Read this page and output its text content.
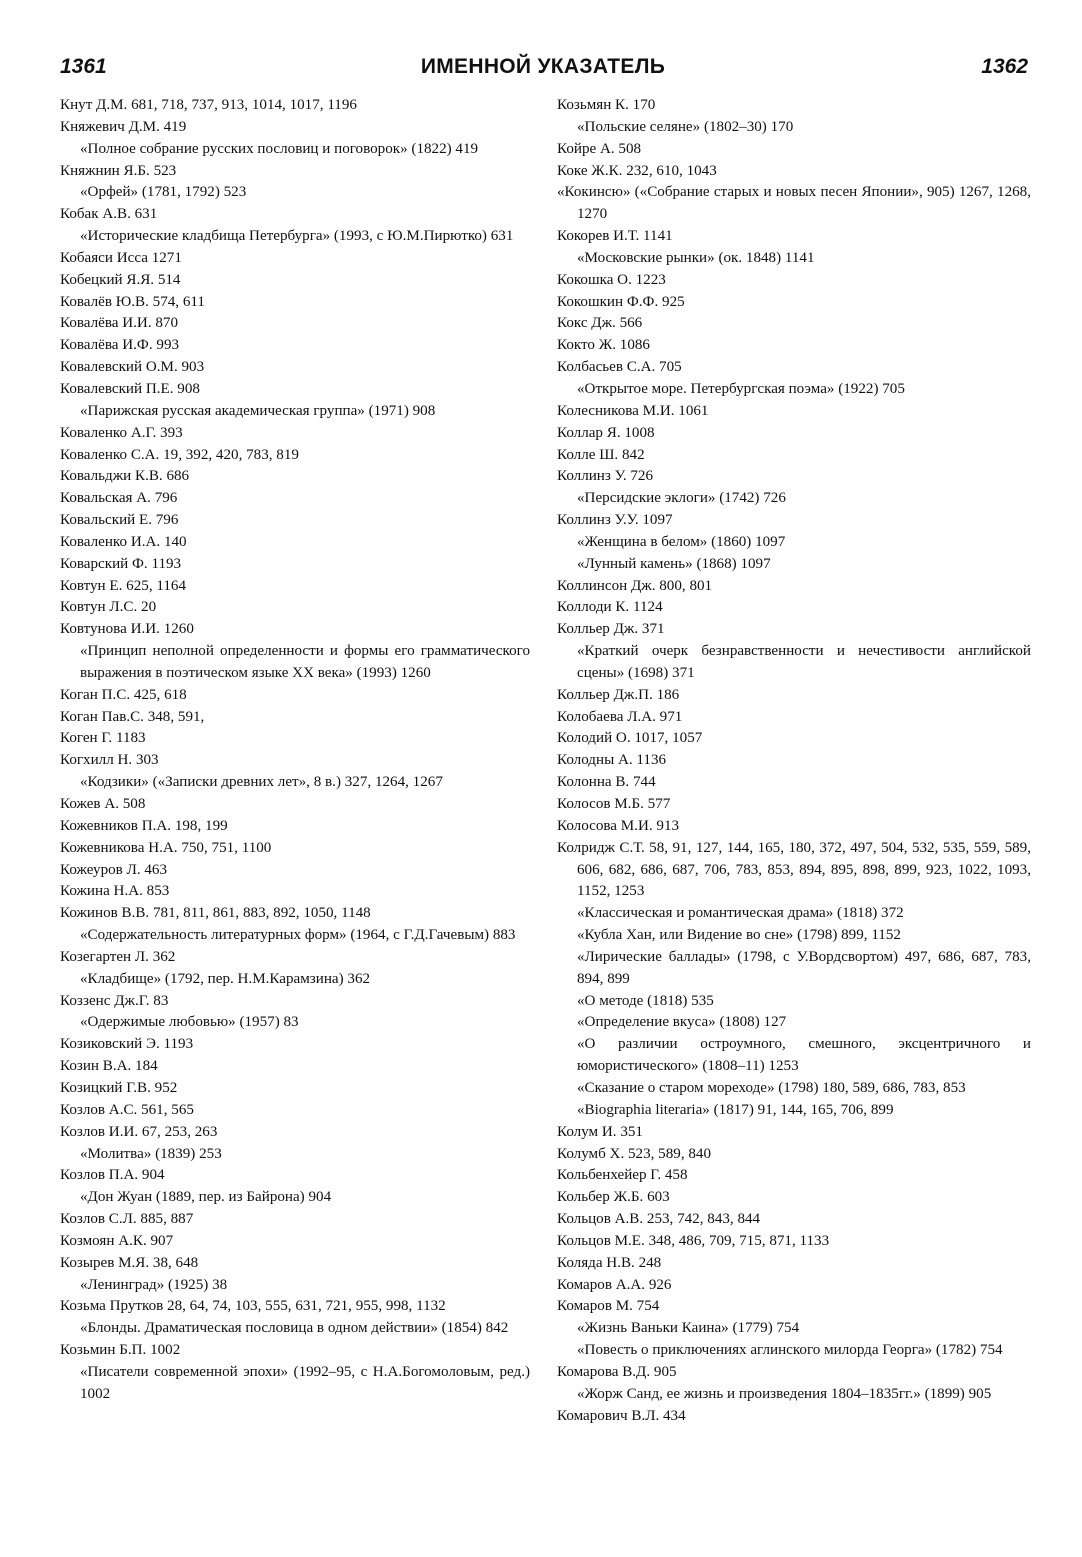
1361	ИМЕННОЙ УКАЗАТЕЛЬ	1362
Кнут Д.М. 681, 718, 737, 913, 1014, 1017, 1196
Княжевич Д.М. 419
«Полное собрание русских пословиц и поговорок» (1822) 419
Княжнин Я.Б. 523
«Орфей» (1781, 1792) 523
Кобак А.В. 631
«Исторические кладбища Петербурга» (1993, с Ю.М.Пирютко) 631
Кобаяси Исса 1271
Кобецкий Я.Я. 514
Ковалёв Ю.В. 574, 611
Ковалёва И.И. 870
Ковалёва И.Ф. 993
Ковалевский О.М. 903
Ковалевский П.Е. 908
«Парижская русская академическая группа» (1971) 908
Коваленко А.Г. 393
Коваленко С.А. 19, 392, 420, 783, 819
Ковальджи К.В. 686
Ковальская А. 796
Ковальский Е. 796
Коваленко И.А. 140
Коварский Ф. 1193
Ковтун Е. 625, 1164
Ковтун Л.С. 20
Ковтунова И.И. 1260
«Принцип неполной определенности и формы его грамматического выражения в поэтическом языке XX века» (1993) 1260
Коган П.С. 425, 618
Коган Пав.С. 348, 591,
Коген Г. 1183
Когхилл Н. 303
«Кодзики» («Записки древних лет», 8 в.) 327, 1264, 1267
Кожев А. 508
Кожевников П.А. 198, 199
Кожевникова Н.А. 750, 751, 1100
Кожеуров Л. 463
Кожина Н.А. 853
Кожинов В.В. 781, 811, 861, 883, 892, 1050, 1148
«Содержательность литературных форм» (1964, с Г.Д.Гачевым) 883
Козегартен Л. 362
«Кладбище» (1792, пер. Н.М.Карамзина) 362
Коззенс Дж.Г. 83
«Одержимые любовью» (1957) 83
Козиковский Э. 1193
Козин В.А. 184
Козицкий Г.В. 952
Козлов А.С. 561, 565
Козлов И.И. 67, 253, 263
«Молитва» (1839) 253
Козлов П.А. 904
«Дон Жуан (1889, пер. из Байрона) 904
Козлов С.Л. 885, 887
Козмоян А.К. 907
Козырев М.Я. 38, 648
«Ленинград» (1925) 38
Козьма Прутков 28, 64, 74, 103, 555, 631, 721, 955, 998, 1132
«Блонды. Драматическая пословица в одном действии» (1854) 842
Козьмин Б.П. 1002
«Писатели современной эпохи» (1992–95, с Н.А.Богомоловым, ред.) 1002
Козьмян К. 170
«Польские селяне» (1802–30) 170
Койре А. 508
Коке Ж.К. 232, 610, 1043
«Кокинсю» («Собрание старых и новых песен Японии», 905) 1267, 1268, 1270
Кокорев И.Т. 1141
«Московские рынки» (ок. 1848) 1141
Кокошка О. 1223
Кокошкин Ф.Ф. 925
Кокс Дж. 566
Кокто Ж. 1086
Колбасьев С.А. 705
«Открытое море. Петербургская поэма» (1922) 705
Колесникова М.И. 1061
Коллар Я. 1008
Колле Ш. 842
Коллинз У. 726
«Персидские эклоги» (1742) 726
Коллинз У.У. 1097
«Женщина в белом» (1860) 1097
«Лунный камень» (1868) 1097
Коллинсон Дж. 800, 801
Коллоди К. 1124
Колльер Дж. 371
«Краткий очерк безнравственности и нечестивости английской сцены» (1698) 371
Колльер Дж.П. 186
Колобаева Л.А. 971
Колодий О. 1017, 1057
Колодны А. 1136
Колонна В. 744
Колосов М.Б. 577
Колосова М.И. 913
Колридж С.Т. 58, 91, 127, 144, 165, 180, 372, 497, 504, 532, 535, 559, 589, 606, 682, 686, 687, 706, 783, 853, 894, 895, 898, 899, 923, 1022, 1093, 1152, 1253
«Классическая и романтическая драма» (1818) 372
«Кубла Хан, или Видение во сне» (1798) 899, 1152
«Лирические баллады» (1798, с У.Вордсвортом) 497, 686, 687, 783, 894, 899
«О методе (1818) 535
«Определение вкуса» (1808) 127
«О различии остроумного, смешного, эксцентричного и юмористического» (1808–11) 1253
«Сказание о старом мореходе» (1798) 180, 589, 686, 783, 853
«Biographia literaria» (1817) 91, 144, 165, 706, 899
Колум И. 351
Колумб Х. 523, 589, 840
Кольбенхейер Г. 458
Кольбер Ж.Б. 603
Кольцов А.В. 253, 742, 843, 844
Кольцов М.Е. 348, 486, 709, 715, 871, 1133
Коляда Н.В. 248
Комаров А.А. 926
Комаров М. 754
«Жизнь Ваньки Каина» (1779) 754
«Повесть о приключениях аглинского милорда Георга» (1782) 754
Комарова В.Д. 905
«Жорж Санд, ее жизнь и произведения 1804–1835гг.» (1899) 905
Комарович В.Л. 434
